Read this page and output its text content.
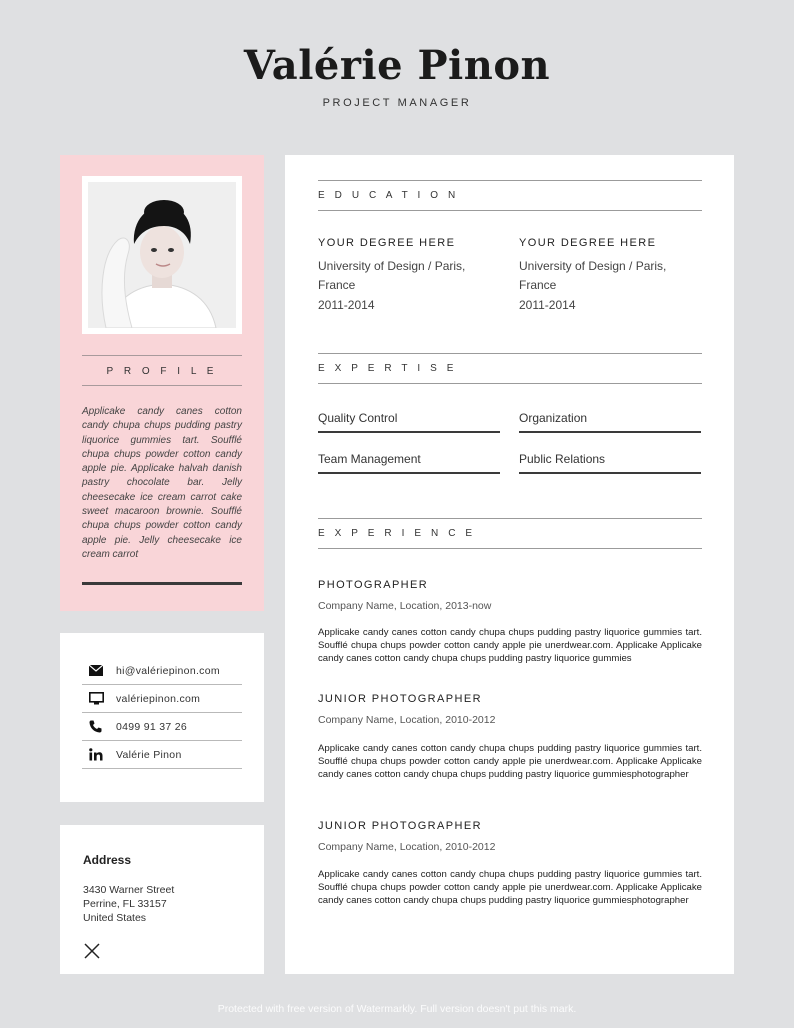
Valérie Pinon
PROJECT MANAGER
P R O F I L E
Applicake candy canes cotton candy chupa chups pudding pastry liquorice gummies tart. Soufflé chupa chups powder cotton candy apple pie. Applicake halvah danish pastry chocolate bar. Jelly cheesecake ice cream carrot cake sweet macaroon brownie. Soufflé chupa chups powder cotton candy apple pie. Jelly cheesecake ice cream carrot
hi@valériepinon.com
valériepinon.com
0499 91 37 26
Valérie Pinon
Address
3430 Warner Street
Perrine, FL 33157
United States
E D U C A T I O N
YOUR DEGREE HERE
University of Design / Paris,
France
2011-2014
YOUR DEGREE HERE
University of Design / Paris,
France
2011-2014
E X P E R T I S E
Quality Control	Organization
Team Management	Public Relations
E X P E R I E N C E
PHOTOGRAPHER
Company Name, Location, 2013-now
Applicake candy canes cotton candy chupa chups pudding pastry liquorice gummies tart. Soufflé chupa chups powder cotton candy apple pie unerdwear.com. Applicake Applicake candy canes cotton candy chupa chups pudding pastry liquorice gummies
JUNIOR PHOTOGRAPHER
Company Name, Location, 2010-2012
Applicake candy canes cotton candy chupa chups pudding pastry liquorice gummies tart. Soufflé chupa chups powder cotton candy apple pie unerdwear.com. Applicake Applicake candy canes cotton candy chupa chups pudding pastry liquorice gummiesphotographer
JUNIOR PHOTOGRAPHER
Company Name, Location, 2010-2012
Applicake candy canes cotton candy chupa chups pudding pastry liquorice gummies tart. Soufflé chupa chups powder cotton candy apple pie unerdwear.com. Applicake Applicake candy canes cotton candy chupa chups pudding pastry liquorice gummiesphotographer
Protected with free version of Watermarkly. Full version doesn't put this mark.
